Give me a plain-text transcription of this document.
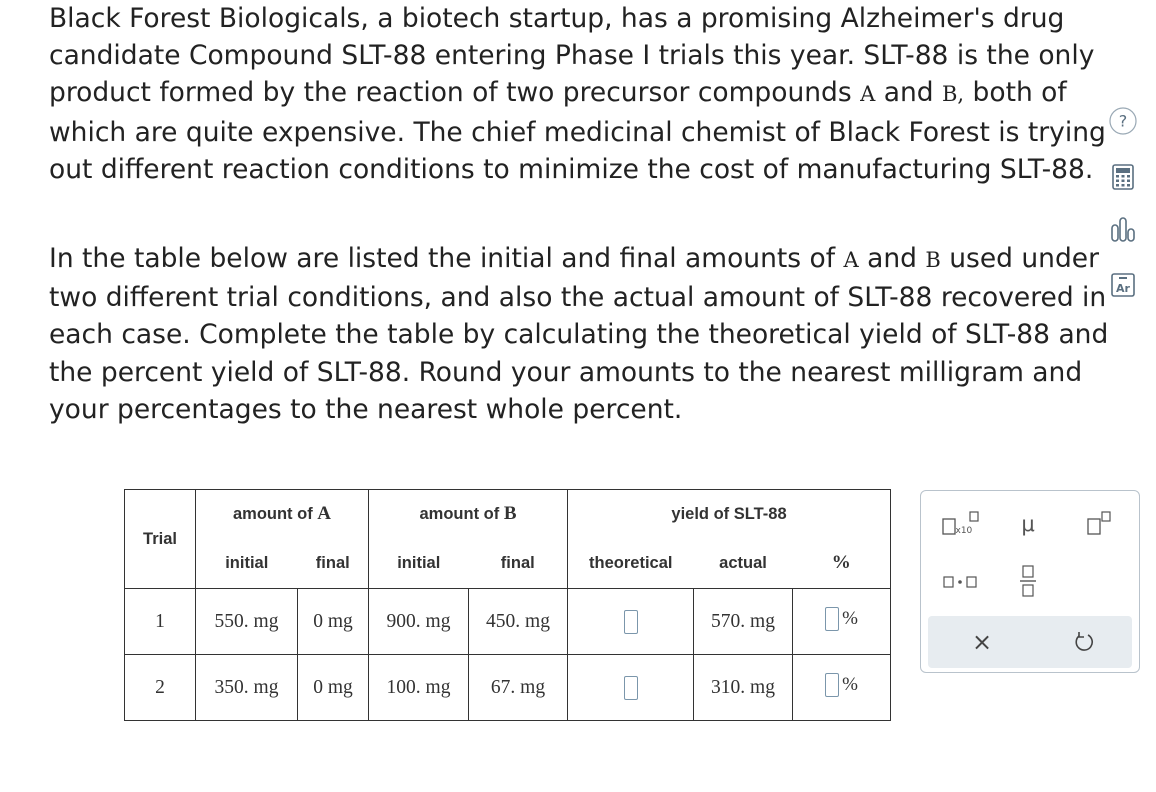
Black Forest Biologicals, a biotech startup, has a promising Alzheimer's drug candidate Compound SLT-88 entering Phase I trials this year. SLT-88 is the only product formed by the reaction of two precursor compounds A and B, both of which are quite expensive. The chief medicinal chemist of Black Forest is trying out different reaction conditions to minimize the cost of manufacturing SLT-88.

In the table below are listed the initial and final amounts of A and B used under two different trial conditions, and also the actual amount of SLT-88 recovered in each case. Complete the table by calculating the theoretical yield of SLT-88 and the percent yield of SLT-88. Round your amounts to the nearest milligram and your percentages to the nearest whole percent.

?
Ar
Trial	amount of A		amount of B		yield of SLT-88		
	initial	final	initial	final	theoretical	actual	%
1	550. mg	0 mg	900. mg	450. mg		570. mg	%

2	350. mg	0 mg	100. mg	67. mg		310. mg	%
x10 μ
×
